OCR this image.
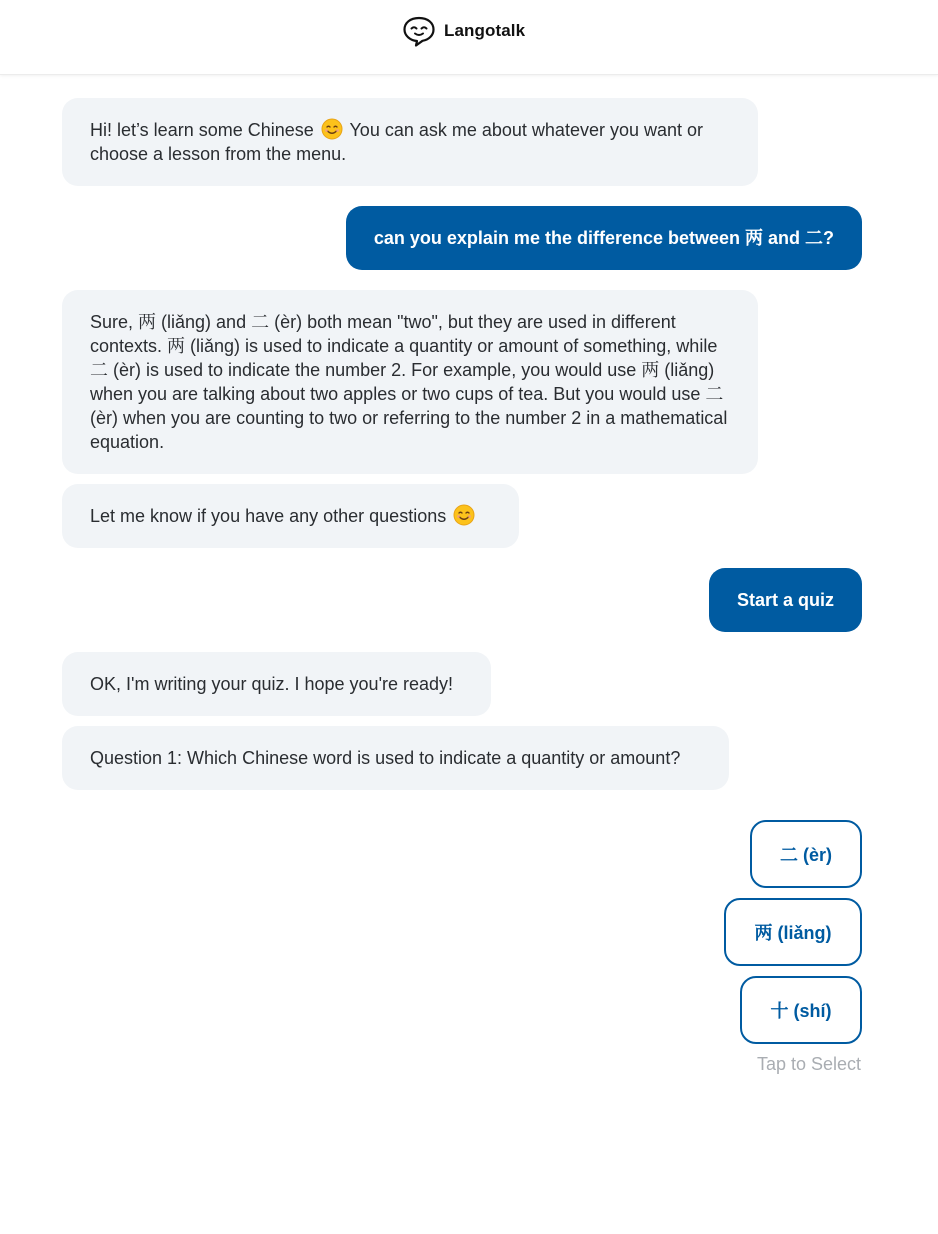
Langotalk
Hi! let’s learn some Chinese  You can ask me about whatever you want or choose a lesson from the menu.
can you explain me the difference between 两 and 二?
Sure, 两 (liǎng) and 二 (èr) both mean "two", but they are used in different contexts. 两 (liǎng) is used to indicate a quantity or amount of something, while 二 (èr) is used to indicate the number 2. For example, you would use 两 (liǎng) when you are talking about two apples or two cups of tea. But you would use 二 (èr) when you are counting to two or referring to the number 2 in a mathematical equation.
Let me know if you have any other questions
Start a quiz
OK, I'm writing your quiz. I hope you're ready!
Question 1: Which Chinese word is used to indicate a quantity or amount?
二 (èr)
两 (liǎng)
十 (shí)
Tap to Select
